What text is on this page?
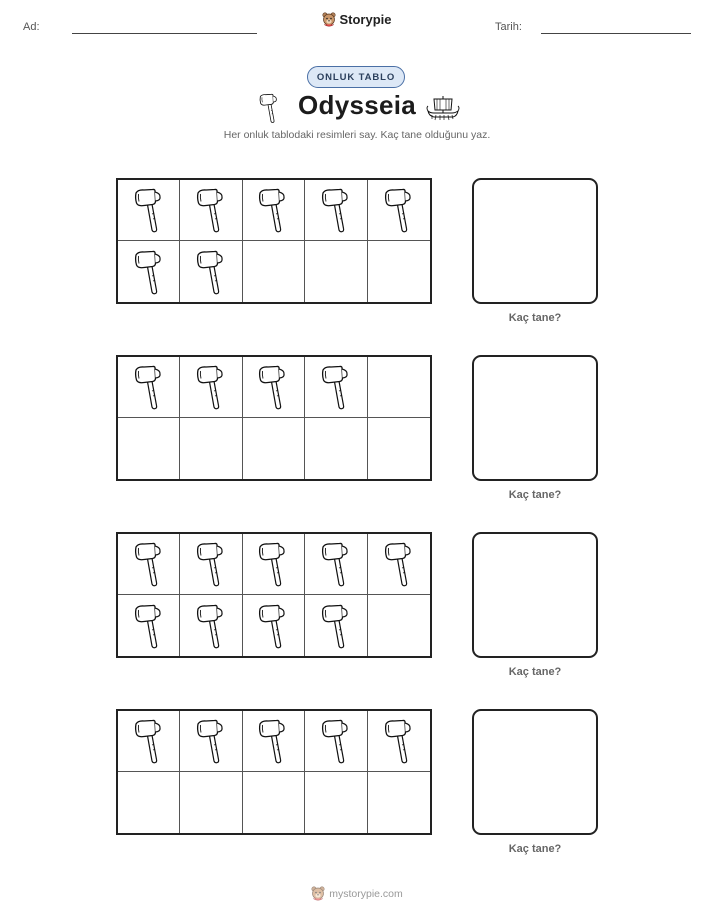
Ad:	Storypie	Tarih:
ONLUK TABLO
Odysseia
Her onluk tablodaki resimleri say. Kaç tane olduğunu yaz.
Kaç tane?
Kaç tane?
Kaç tane?
Kaç tane?
mystorypie.com
